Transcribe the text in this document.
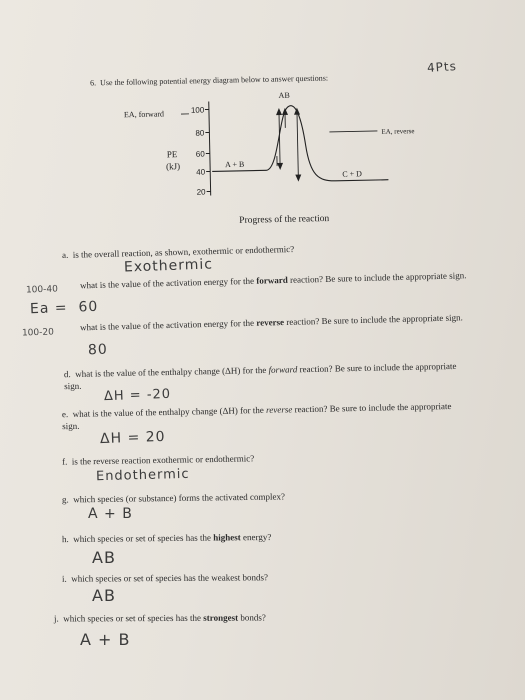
6. Use the following potential energy diagram below to answer questions:
4Pts
100
80
60
40
20
EA, forward
EA, reverse
PE
(kJ)
AB
A + B
C + D
Progress of the reaction
a. is the overall reaction, as shown, exothermic or endothermic?
Exothermic
100-40 what is the value of the activation energy for the forward reaction? Be sure to include the appropriate sign.
Ea = 60
100-20
what is the value of the activation energy for the reverse reaction? Be sure to include the appropriate sign.
80
d. what is the value of the enthalpy change (ΔH) for the forward reaction? Be sure to include the appropriate sign.
ΔH = -20
e. what is the value of the enthalpy change (ΔH) for the reverse reaction? Be sure to include the appropriate sign.
ΔH = 20
f. is the reverse reaction exothermic or endothermic?
Endothermic
g. which species (or substance) forms the activated complex?
A + B
h. which species or set of species has the highest energy?
AB
i. which species or set of species has the weakest bonds?
AB
j. which species or set of species has the strongest bonds?
A + B
